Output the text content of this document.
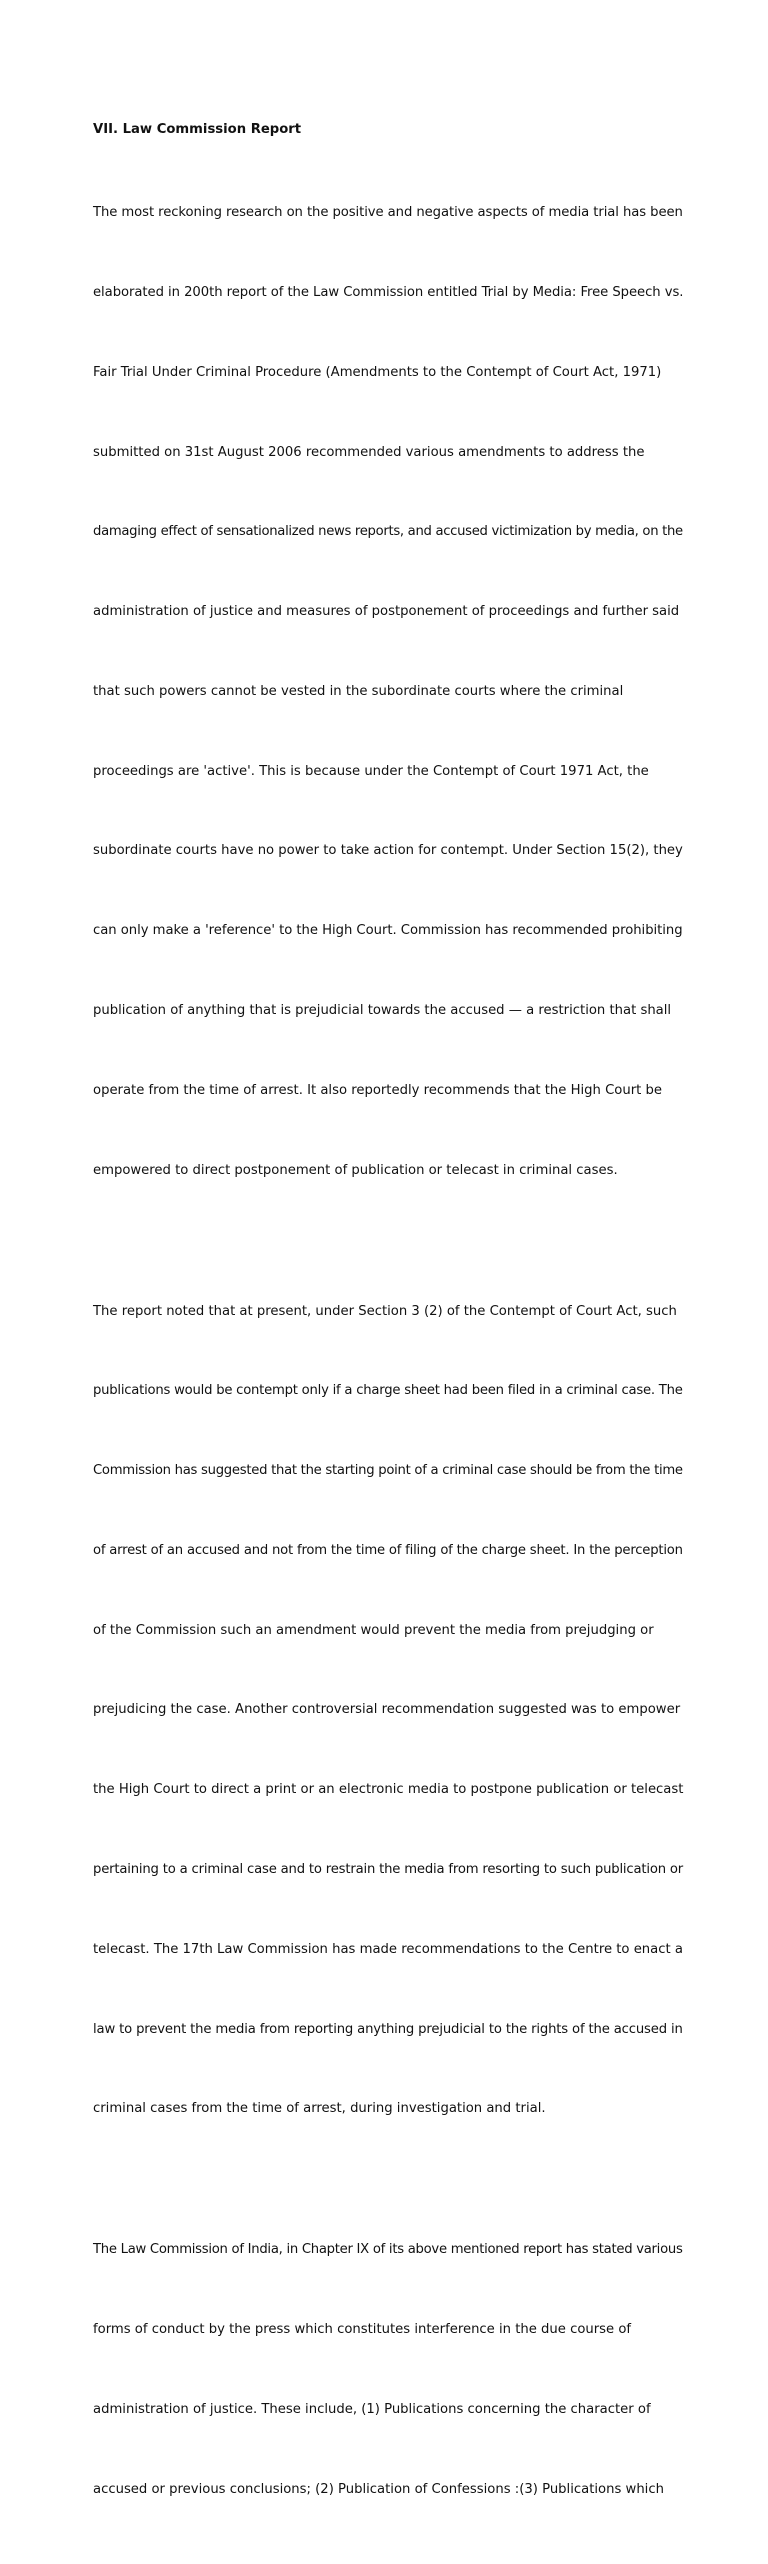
VII. Law Commission Report

The most reckoning research on the positive and negative aspects of media trial has been

elaborated in 200th report of the Law Commission entitled Trial by Media: Free Speech vs.

Fair Trial Under Criminal Procedure (Amendments to the Contempt of Court Act, 1971)

submitted on 31st August 2006 recommended various amendments to address the

damaging effect of sensationalized news reports, and accused victimization by media, on the

administration of justice and measures of postponement of proceedings and further said

that such powers cannot be vested in the subordinate courts where the criminal

proceedings are 'active'. This is because under the Contempt of Court 1971 Act, the

subordinate courts have no power to take action for contempt. Under Section 15(2), they

can only make a 'reference' to the High Court. Commission has recommended prohibiting

publication of anything that is prejudicial towards the accused — a restriction that shall

operate from the time of arrest. It also reportedly recommends that the High Court be

empowered to direct postponement of publication or telecast in criminal cases.

The report noted that at present, under Section 3 (2) of the Contempt of Court Act, such

publications would be contempt only if a charge sheet had been filed in a criminal case. The

Commission has suggested that the starting point of a criminal case should be from the time

of arrest of an accused and not from the time of filing of the charge sheet. In the perception

of the Commission such an amendment would prevent the media from prejudging or

prejudicing the case. Another controversial recommendation suggested was to empower

the High Court to direct a print or an electronic media to postpone publication or telecast

pertaining to a criminal case and to restrain the media from resorting to such publication or

telecast. The 17th Law Commission has made recommendations to the Centre to enact a

law to prevent the media from reporting anything prejudicial to the rights of the accused in

criminal cases from the time of arrest, during investigation and trial.

The Law Commission of India, in Chapter IX of its above mentioned report has stated various

forms of conduct by the press which constitutes interference in the due course of

administration of justice. These include, (1) Publications concerning the character of

accused or previous conclusions; (2) Publication of Confessions :(3) Publications which
